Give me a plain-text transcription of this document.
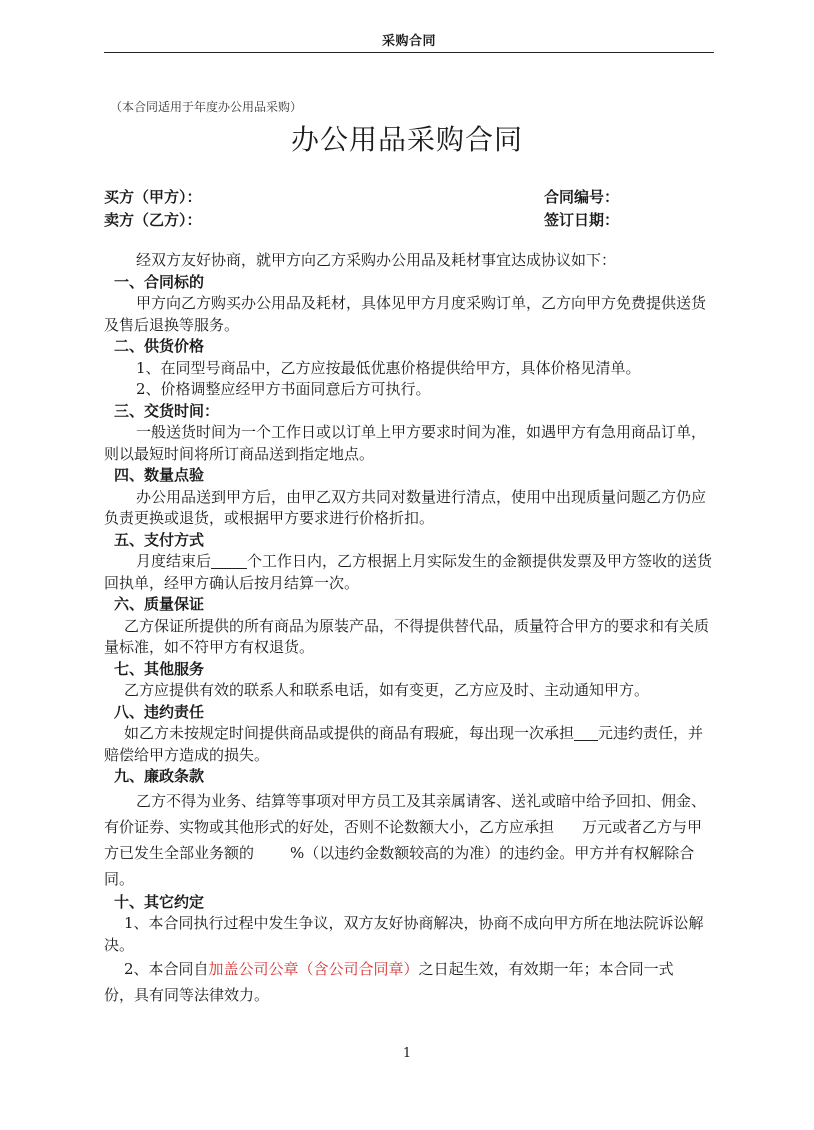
采购合同
（本合同适用于年度办公用品采购）
办公用品采购合同
买方（甲方）：
卖方（乙方）：
合同编号：
签订日期：

经双方友好协商，就甲方向乙方采购办公用品及耗材事宜达成协议如下：

一、合同标的

甲方向乙方购买办公用品及耗材，具体见甲方月度采购订单，乙方向甲方免费提供送货及售后退换等服务。

二、供货价格

1、在同型号商品中，乙方应按最低优惠价格提供给甲方，具体价格见清单。

2、价格调整应经甲方书面同意后方可执行。

三、交货时间：

一般送货时间为一个工作日或以订单上甲方要求时间为准，如遇甲方有急用商品订单，则以最短时间将所订商品送到指定地点。

四、数量点验

办公用品送到甲方后，由甲乙双方共同对数量进行清点，使用中出现质量问题乙方仍应负责更换或退货，或根据甲方要求进行价格折扣。

五、支付方式

月度结束后 个工作日内，乙方根据上月实际发生的金额提供发票及甲方签收的送货回执单，经甲方确认后按月结算一次。

六、质量保证

乙方保证所提供的所有商品为原装产品，不得提供替代品，质量符合甲方的要求和有关质量标准，如不符甲方有权退货。

七、其他服务

乙方应提供有效的联系人和联系电话，如有变更，乙方应及时、主动通知甲方。

八、违约责任

如乙方未按规定时间提供商品或提供的商品有瑕疵，每出现一次承担 元违约责任，并赔偿给甲方造成的损失。

九、廉政条款

乙方不得为业务、结算等事项对甲方员工及其亲属请客、送礼或暗中给予回扣、佣金、有价证券、实物或其他形式的好处，否则不论数额大小，乙方应承担 万元或者乙方与甲方已发生全部业务额的 %（以违约金数额较高的为准）的违约金。甲方并有权解除合同。

十、其它约定

1、本合同执行过程中发生争议，双方友好协商解决，协商不成向甲方所在地法院诉讼解决。

2、本合同自加盖公司公章（含公司合同章）之日起生效，有效期一年；本合同一式份，具有同等法律效力。

1
